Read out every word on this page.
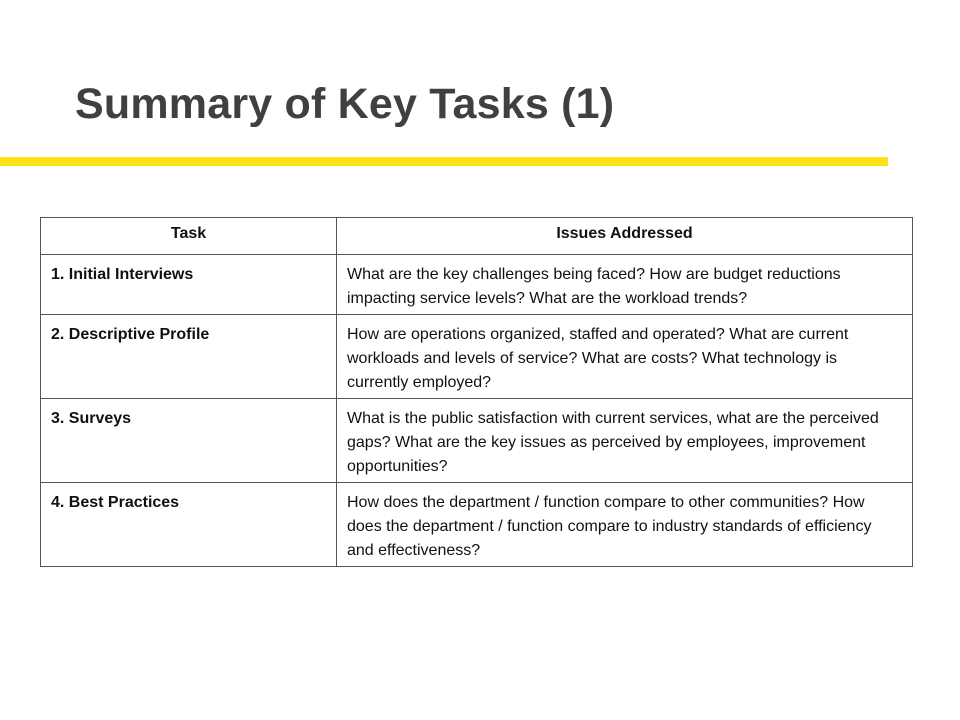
Summary of Key Tasks (1)
Task	Issues Addressed
1. Initial Interviews	What are the key challenges being faced? How are budget reductions impacting service levels? What are the workload trends?
2. Descriptive Profile	How are operations organized, staffed and operated? What are current workloads and levels of service? What are costs? What technology is currently employed?
3. Surveys	What is the public satisfaction with current services, what are the perceived gaps? What are the key issues as perceived by employees, improvement opportunities?
4. Best Practices	How does the department / function compare to other communities? How does the department / function compare to industry standards of efficiency and effectiveness?
